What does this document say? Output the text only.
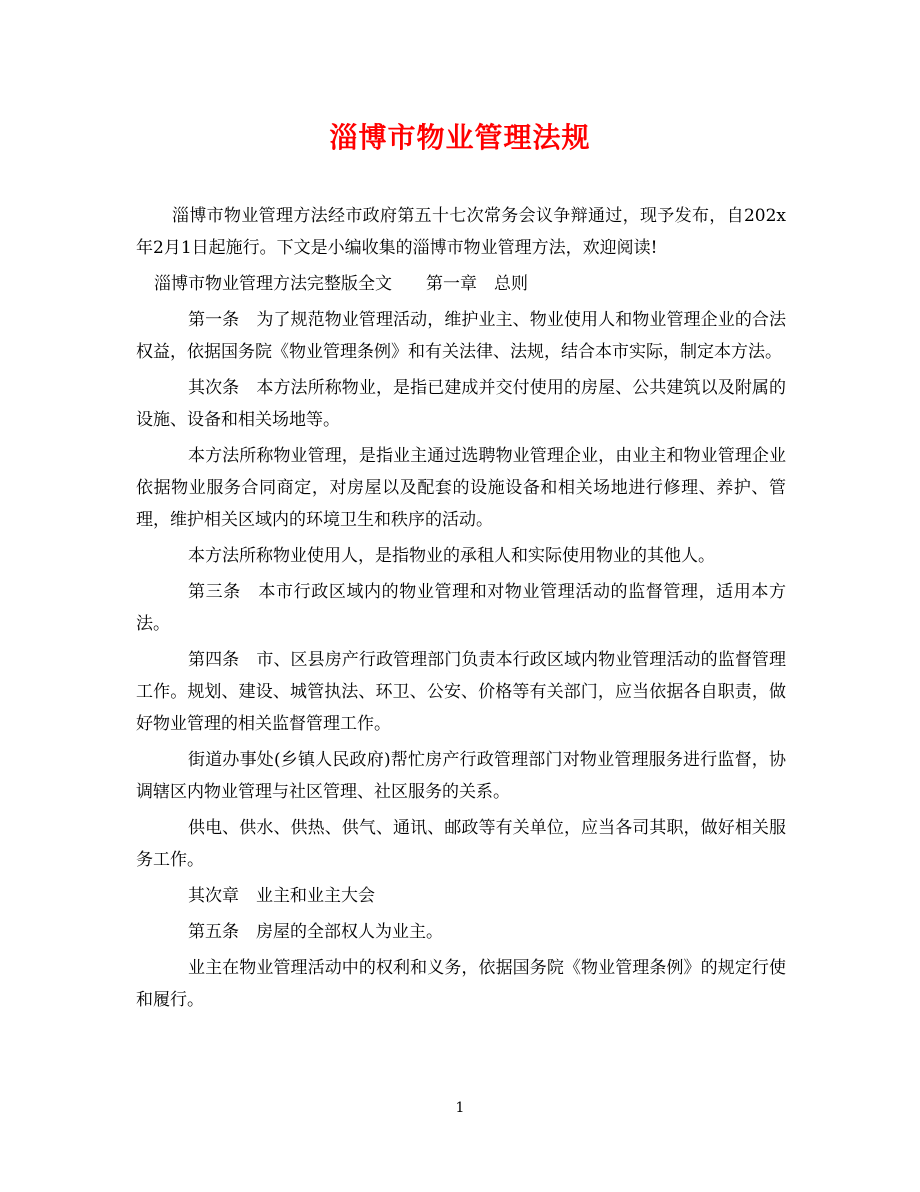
淄博市物业管理法规

淄博市物业管理方法经市政府第五十七次常务会议争辩通过，现予发布，自202x年2月1日起施行。下文是小编收集的淄博市物业管理方法，欢迎阅读!

淄博市物业管理方法完整版全文　　第一章　总则

第一条　为了规范物业管理活动，维护业主、物业使用人和物业管理企业的合法权益，依据国务院《物业管理条例》和有关法律、法规，结合本市实际，制定本方法。

其次条　本方法所称物业，是指已建成并交付使用的房屋、公共建筑以及附属的设施、设备和相关场地等。

本方法所称物业管理，是指业主通过选聘物业管理企业，由业主和物业管理企业依据物业服务合同商定，对房屋以及配套的设施设备和相关场地进行修理、养护、管理，维护相关区域内的环境卫生和秩序的活动。

本方法所称物业使用人，是指物业的承租人和实际使用物业的其他人。

第三条　本市行政区域内的物业管理和对物业管理活动的监督管理，适用本方法。

第四条　市、区县房产行政管理部门负责本行政区域内物业管理活动的监督管理工作。规划、建设、城管执法、环卫、公安、价格等有关部门，应当依据各自职责，做好物业管理的相关监督管理工作。

街道办事处(乡镇人民政府)帮忙房产行政管理部门对物业管理服务进行监督，协调辖区内物业管理与社区管理、社区服务的关系。

供电、供水、供热、供气、通讯、邮政等有关单位，应当各司其职，做好相关服务工作。

其次章　业主和业主大会

第五条　房屋的全部权人为业主。

业主在物业管理活动中的权利和义务，依据国务院《物业管理条例》的规定行使和履行。

1
